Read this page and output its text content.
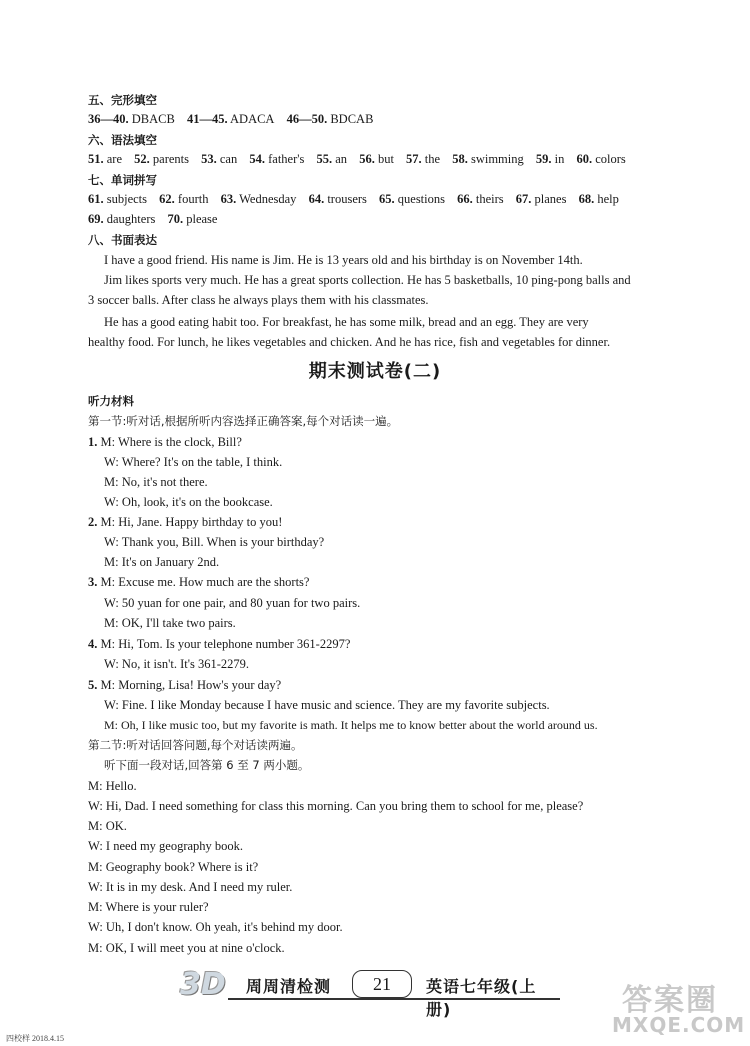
五、完形填空
36—40. DBACB 41—45. ADACA 46—50. BDCAB
六、语法填空
51. are 52. parents 53. can 54. father's 55. an 56. but 57. the 58. swimming 59. in 60. colors
七、单词拼写
61. subjects 62. fourth 63. Wednesday 64. trousers 65. questions 66. theirs 67. planes 68. help
69. daughters 70. please
八、书面表达
I have a good friend. His name is Jim. He is 13 years old and his birthday is on November 14th.
Jim likes sports very much. He has a great sports collection. He has 5 basketballs, 10 ping-pong balls and
3 soccer balls. After class he always plays them with his classmates.
He has a good eating habit too. For breakfast, he has some milk, bread and an egg. They are very
healthy food. For lunch, he likes vegetables and chicken. And he has rice, fish and vegetables for dinner.
期末测试卷(二)
听力材料
第一节:听对话,根据所听内容选择正确答案,每个对话读一遍。
1. M: Where is the clock, Bill?
W: Where? It's on the table, I think.
M: No, it's not there.
W: Oh, look, it's on the bookcase.
2. M: Hi, Jane. Happy birthday to you!
W: Thank you, Bill. When is your birthday?
M: It's on January 2nd.
3. M: Excuse me. How much are the shorts?
W: 50 yuan for one pair, and 80 yuan for two pairs.
M: OK, I'll take two pairs.
4. M: Hi, Tom. Is your telephone number 361-2297?
W: No, it isn't. It's 361-2279.
5. M: Morning, Lisa! How's your day?
W: Fine. I like Monday because I have music and science. They are my favorite subjects.
M: Oh, I like music too, but my favorite is math. It helps me to know better about the world around us.
第二节:听对话回答问题,每个对话读两遍。
听下面一段对话,回答第 6 至 7 两小题。
M: Hello.
W: Hi, Dad. I need something for class this morning. Can you bring them to school for me, please?
M: OK.
W: I need my geography book.
M: Geography book? Where is it?
W: It is in my desk. And I need my ruler.
M: Where is your ruler?
W: Uh, I don't know. Oh yeah, it's behind my door.
M: OK, I will meet you at nine o'clock.
3D	周周清检测	21	英语七年级(上册)
四校样 2018.4.15
答案圈
MXQE.COM
